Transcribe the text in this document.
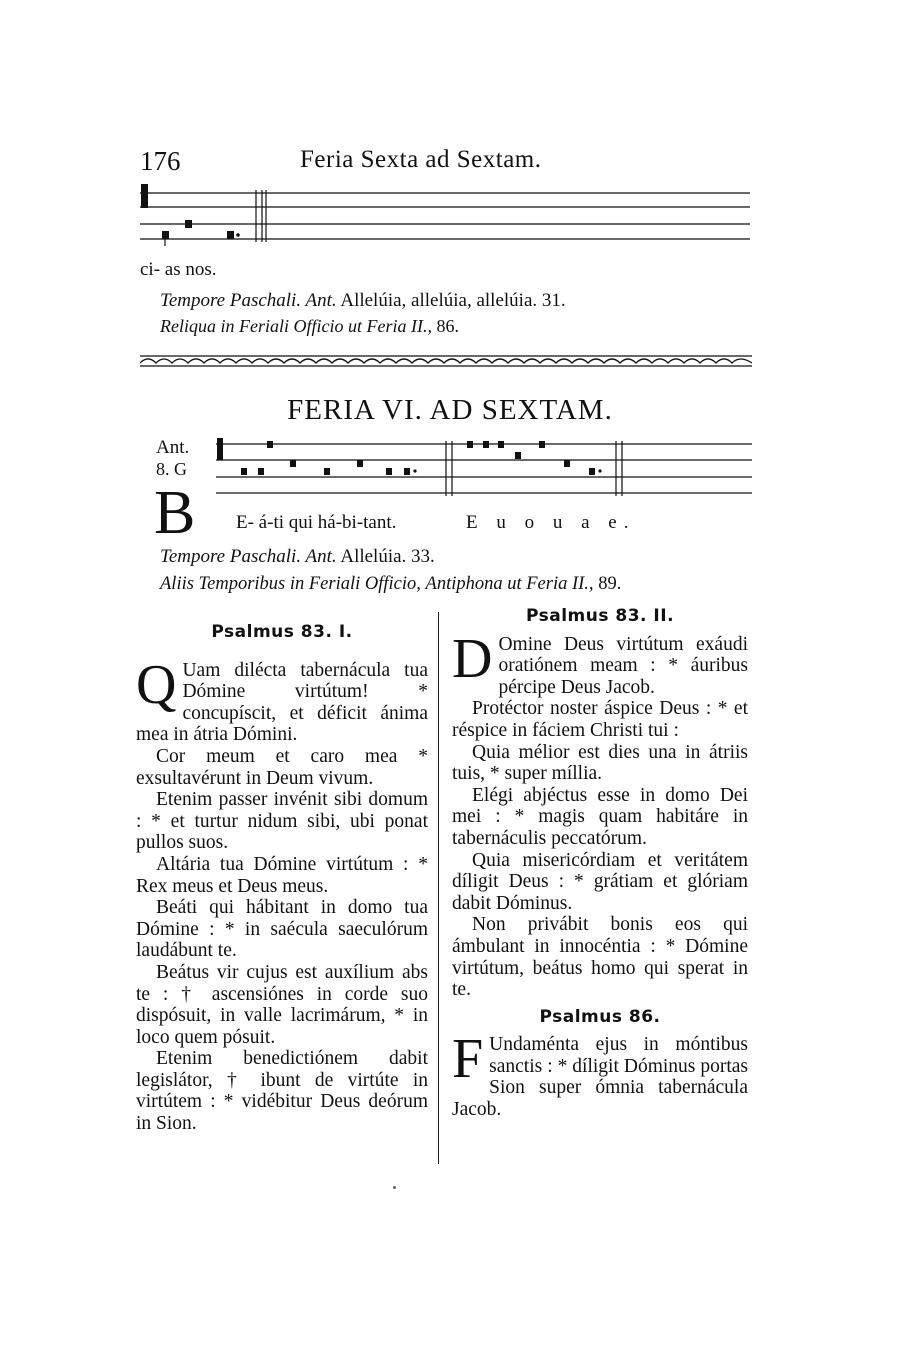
176	Feria Sexta ad Sextam.
ci- as nos.
Tempore Paschali. Ant. Allelúia, allelúia, allelúia. 31.
Reliqua in Feriali Officio ut Feria II., 86.
FERIA VI. AD SEXTAM.
Ant.
8. G
B E- á-ti qui há-bi-tant.	E u o u a e.
Tempore Paschali. Ant. Allelúia. 33.
Aliis Temporibus in Feriali Officio, Antiphona ut Feria II., 89.
Psalmus 83. I.

Q Uam dilécta tabernácula tua Dómine virtútum! * concupíscit, et déficit ánima mea in átria Dómini.

Cor meum et caro mea * exsultavérunt in Deum vivum.

Etenim passer invénit sibi domum : * et turtur nidum sibi, ubi ponat pullos suos.

Altária tua Dómine virtútum : * Rex meus et Deus meus.

Beáti qui hábitant in domo tua Dómine : * in saécula saeculórum laudábunt te.

Beátus vir cujus est auxílium abs te : † ascensiónes in corde suo dispósuit, in valle lacrimárum, * in loco quem pósuit.

Etenim benedictiónem dabit legislátor, † ibunt de virtúte in virtútem : * vidébitur Deus deórum in Sion.

Psalmus 83. II.

D Omine Deus virtútum exáudi oratiónem meam : * áuribus pércipe Deus Jacob.

Protéctor noster áspice Deus : * et réspice in fáciem Christi tui :

Quia mélior est dies una in átriis tuis, * super míllia.

Elégi abjéctus esse in domo Dei mei : * magis quam habitáre in tabernáculis peccatórum.

Quia misericórdiam et veritátem díligit Deus : * grátiam et glóriam dabit Dóminus.

Non privábit bonis eos qui ámbulant in innocéntia : * Dómine virtútum, beátus homo qui sperat in te.

Psalmus 86.

F Undaménta ejus in móntibus sanctis : * díligit Dóminus portas Sion super ómnia tabernácula Jacob.
